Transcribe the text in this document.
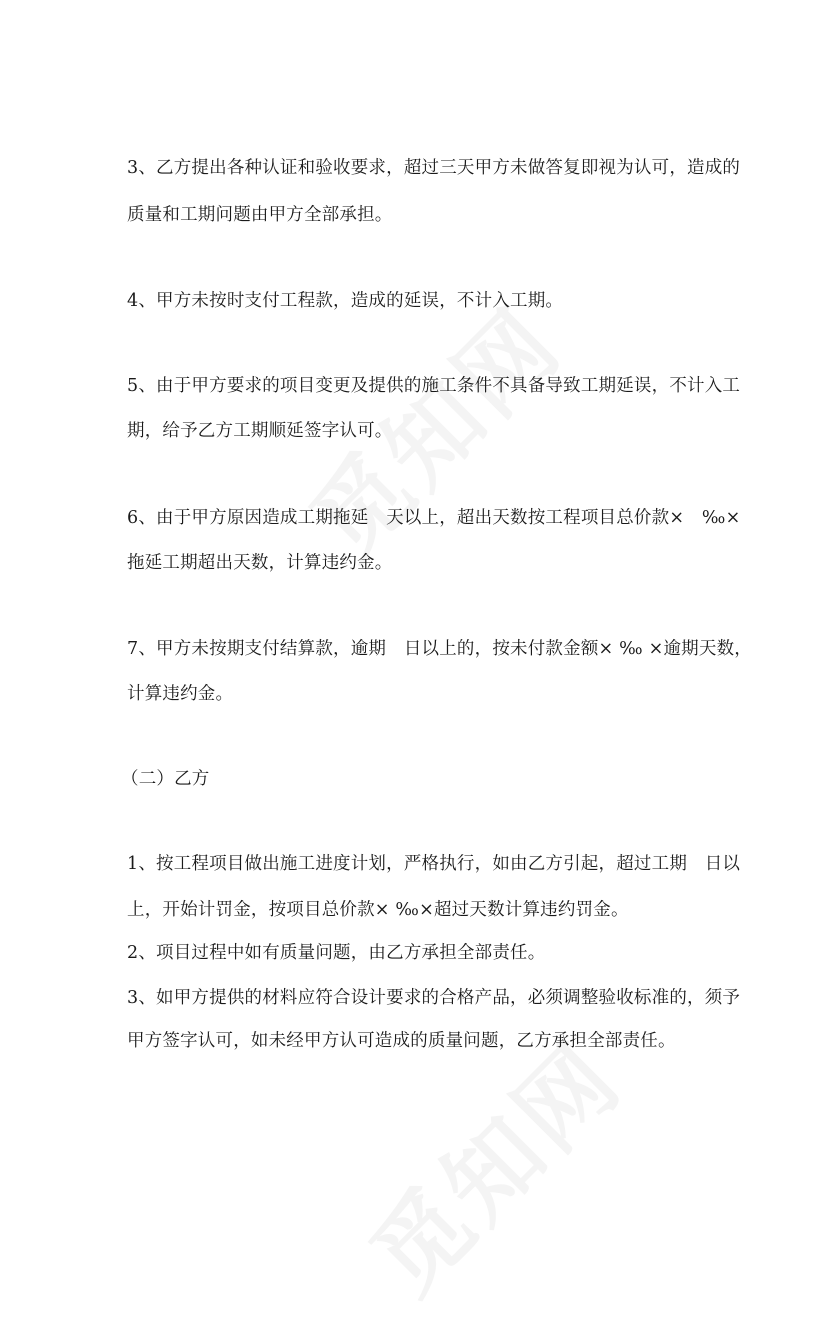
3、乙方提出各种认证和验收要求，超过三天甲方未做答复即视为认可，造成的
质量和工期问题由甲方全部承担。
4、甲方未按时支付工程款，造成的延误，不计入工期。
5、由于甲方要求的项目变更及提供的施工条件不具备导致工期延误，不计入工
期，给予乙方工期顺延签字认可。
6、由于甲方原因造成工期拖延　天以上，超出天数按工程项目总价款×　‰×
拖延工期超出天数，计算违约金。
7、甲方未按期支付结算款，逾期　日以上的，按未付款金额× ‰ ×逾期天数，
计算违约金。
（二）乙方
1、按工程项目做出施工进度计划，严格执行，如由乙方引起，超过工期　日以
上，开始计罚金，按项目总价款× ‰×超过天数计算违约罚金。
2、项目过程中如有质量问题，由乙方承担全部责任。
3、如甲方提供的材料应符合设计要求的合格产品，必须调整验收标准的，须予
甲方签字认可，如未经甲方认可造成的质量问题，乙方承担全部责任。
